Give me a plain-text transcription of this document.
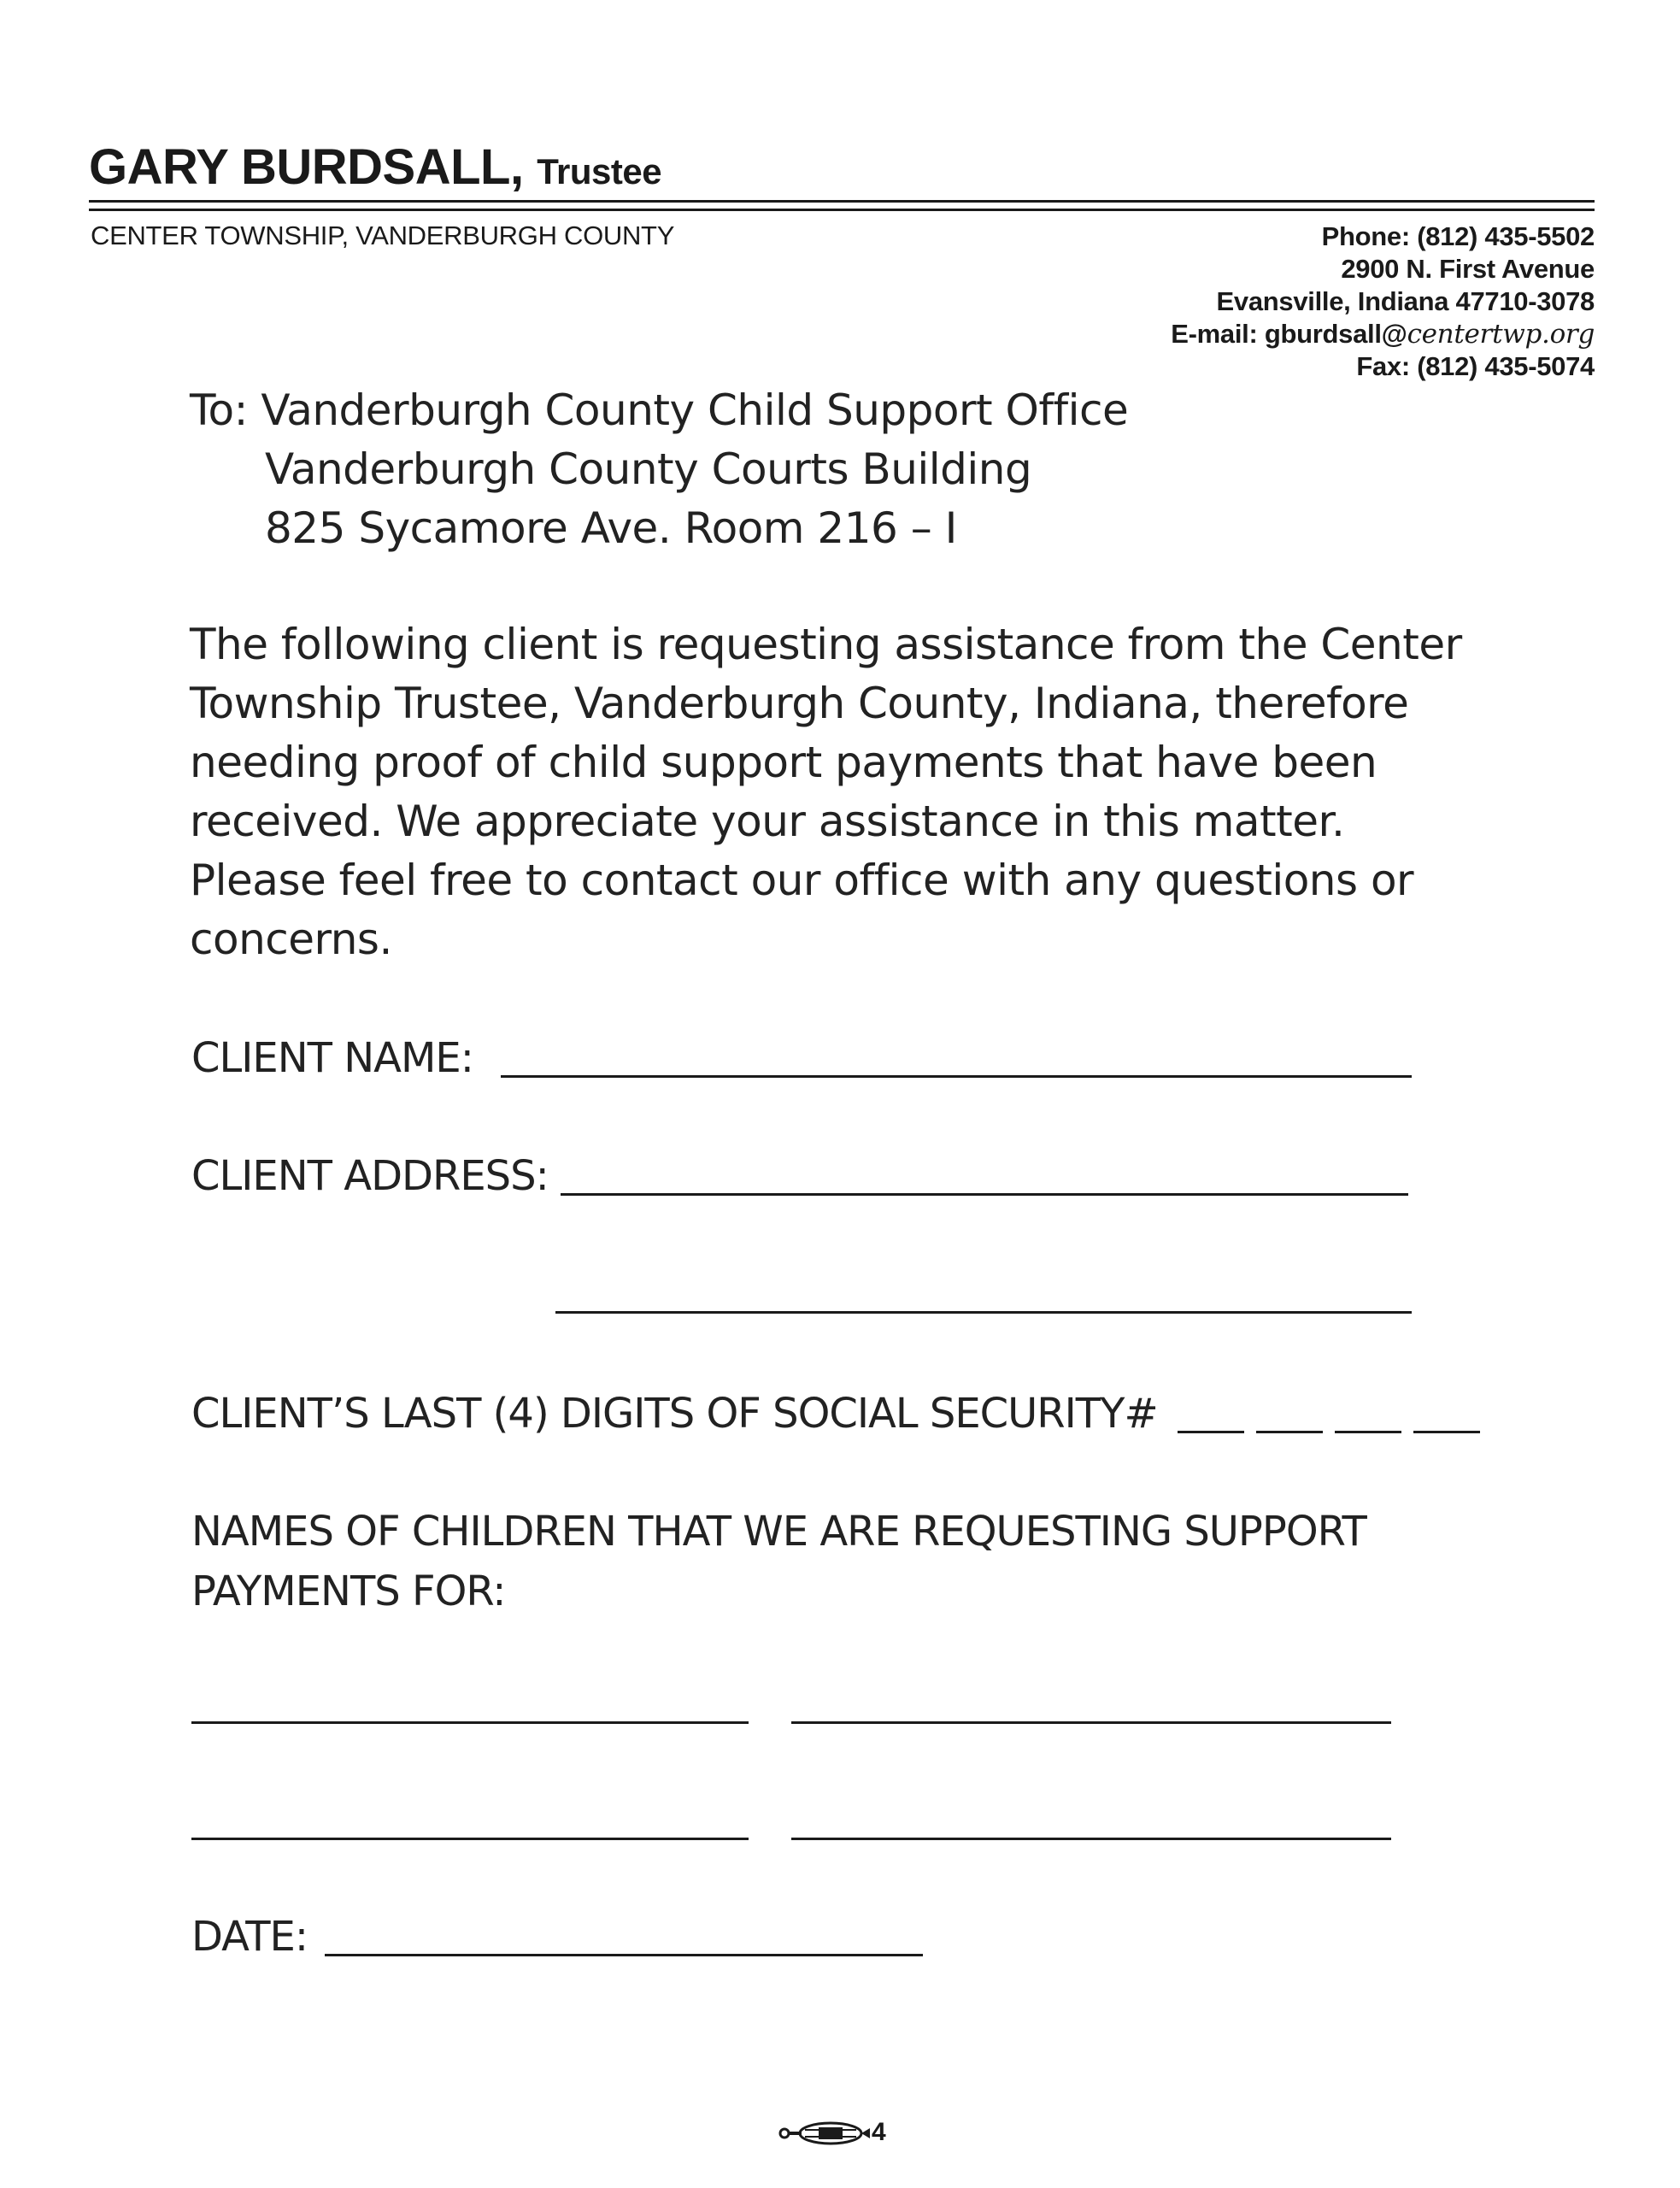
GARY BURDSALL, Trustee
CENTER TOWNSHIP, VANDERBURGH COUNTY	Phone: (812) 435-5502
2900 N. First Avenue
Evansville, Indiana 47710-3078
E-mail: gburdsall@centertwp.org
Fax: (812) 435-5074
To: Vanderburgh County Child Support Office
Vanderburgh County Courts Building
825 Sycamore Ave. Room 216 – I
The following client is requesting assistance from the Center
Township Trustee, Vanderburgh County, Indiana, therefore
needing proof of child support payments that have been
received. We appreciate your assistance in this matter.
Please feel free to contact our office with any questions or
concerns.
CLIENT NAME:
CLIENT ADDRESS:
CLIENT’S LAST (4) DIGITS OF SOCIAL SECURITY#
NAMES OF CHILDREN THAT WE ARE REQUESTING SUPPORT
PAYMENTS FOR:
DATE:
4
